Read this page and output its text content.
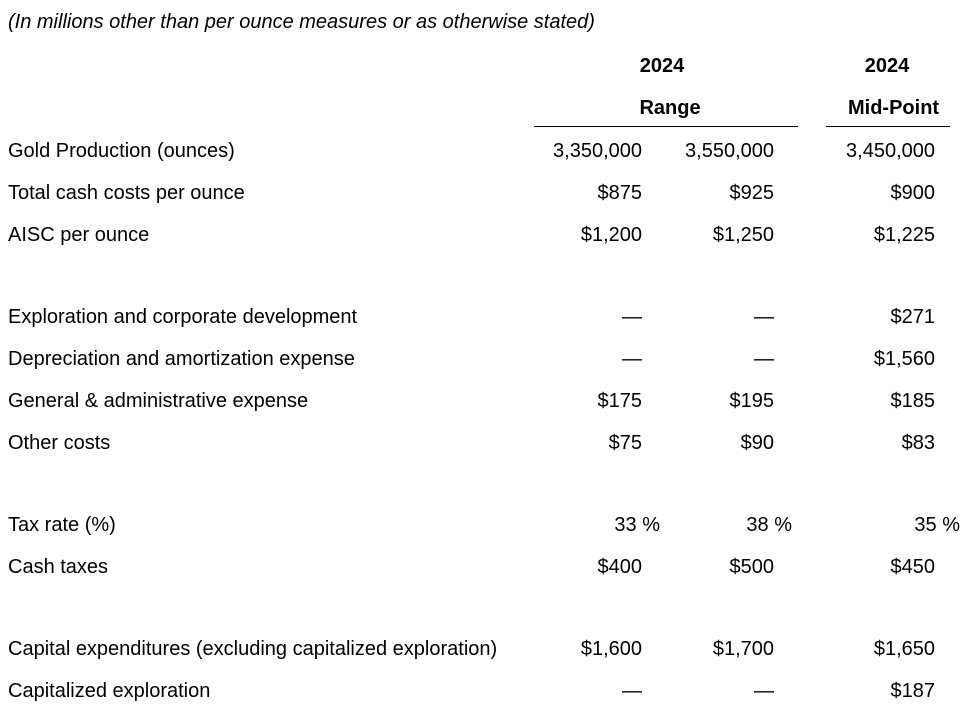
(In millions other than per ounce measures or as otherwise stated)
2024
Range
2024
Mid-Point
Gold Production (ounces)	3,350,000 3,550,000	3,450,000
Total cash costs per ounce	$875	$925	$900
AISC per ounce	$1,200	$1,250	$1,225
Exploration and corporate development	—	—	$271
Depreciation and amortization expense	—	—	$1,560
General & administrative expense	$175	$195	$185
Other costs	$75	$90	$83
Tax rate (%)	33 %	38 %	35 %
Cash taxes	$400	$500	$450
Capital expenditures (excluding capitalized exploration)	$1,600	$1,700	$1,650
Capitalized exploration	—	—	$187
